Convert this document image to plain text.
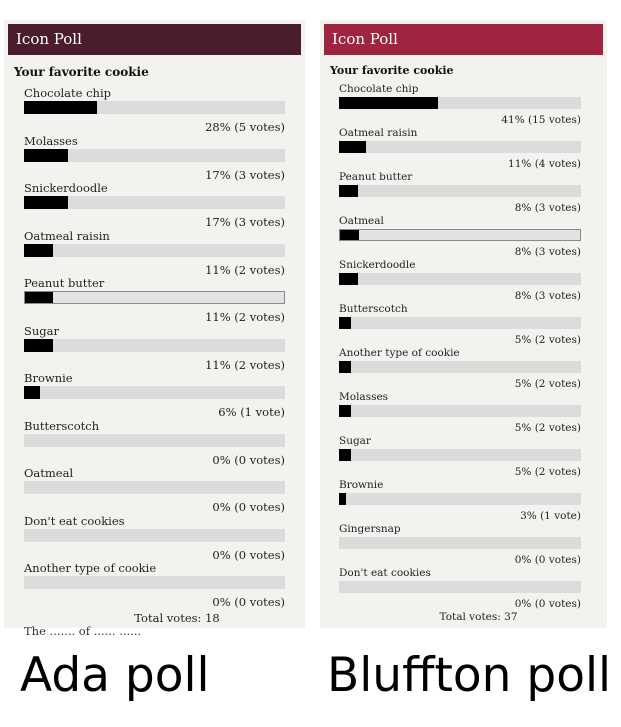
Icon Poll
Your favorite cookie
Chocolate chip
28% (5 votes)
Molasses
17% (3 votes)
Snickerdoodle
17% (3 votes)
Oatmeal raisin
11% (2 votes)
Peanut butter
11% (2 votes)
Sugar
11% (2 votes)
Brownie
6% (1 vote)
Butterscotch
0% (0 votes)
Oatmeal
0% (0 votes)
Don't eat cookies
0% (0 votes)
Another type of cookie
0% (0 votes)
Total votes: 18
The ....... of ...... ......
Icon Poll
Your favorite cookie
Chocolate chip
41% (15 votes)
Oatmeal raisin
11% (4 votes)
Peanut butter
8% (3 votes)
Oatmeal
8% (3 votes)
Snickerdoodle
8% (3 votes)
Butterscotch
5% (2 votes)
Another type of cookie
5% (2 votes)
Molasses
5% (2 votes)
Sugar
5% (2 votes)
Brownie
3% (1 vote)
Gingersnap
0% (0 votes)
Don't eat cookies
0% (0 votes)
Total votes: 37
Ada poll Bluffton poll
